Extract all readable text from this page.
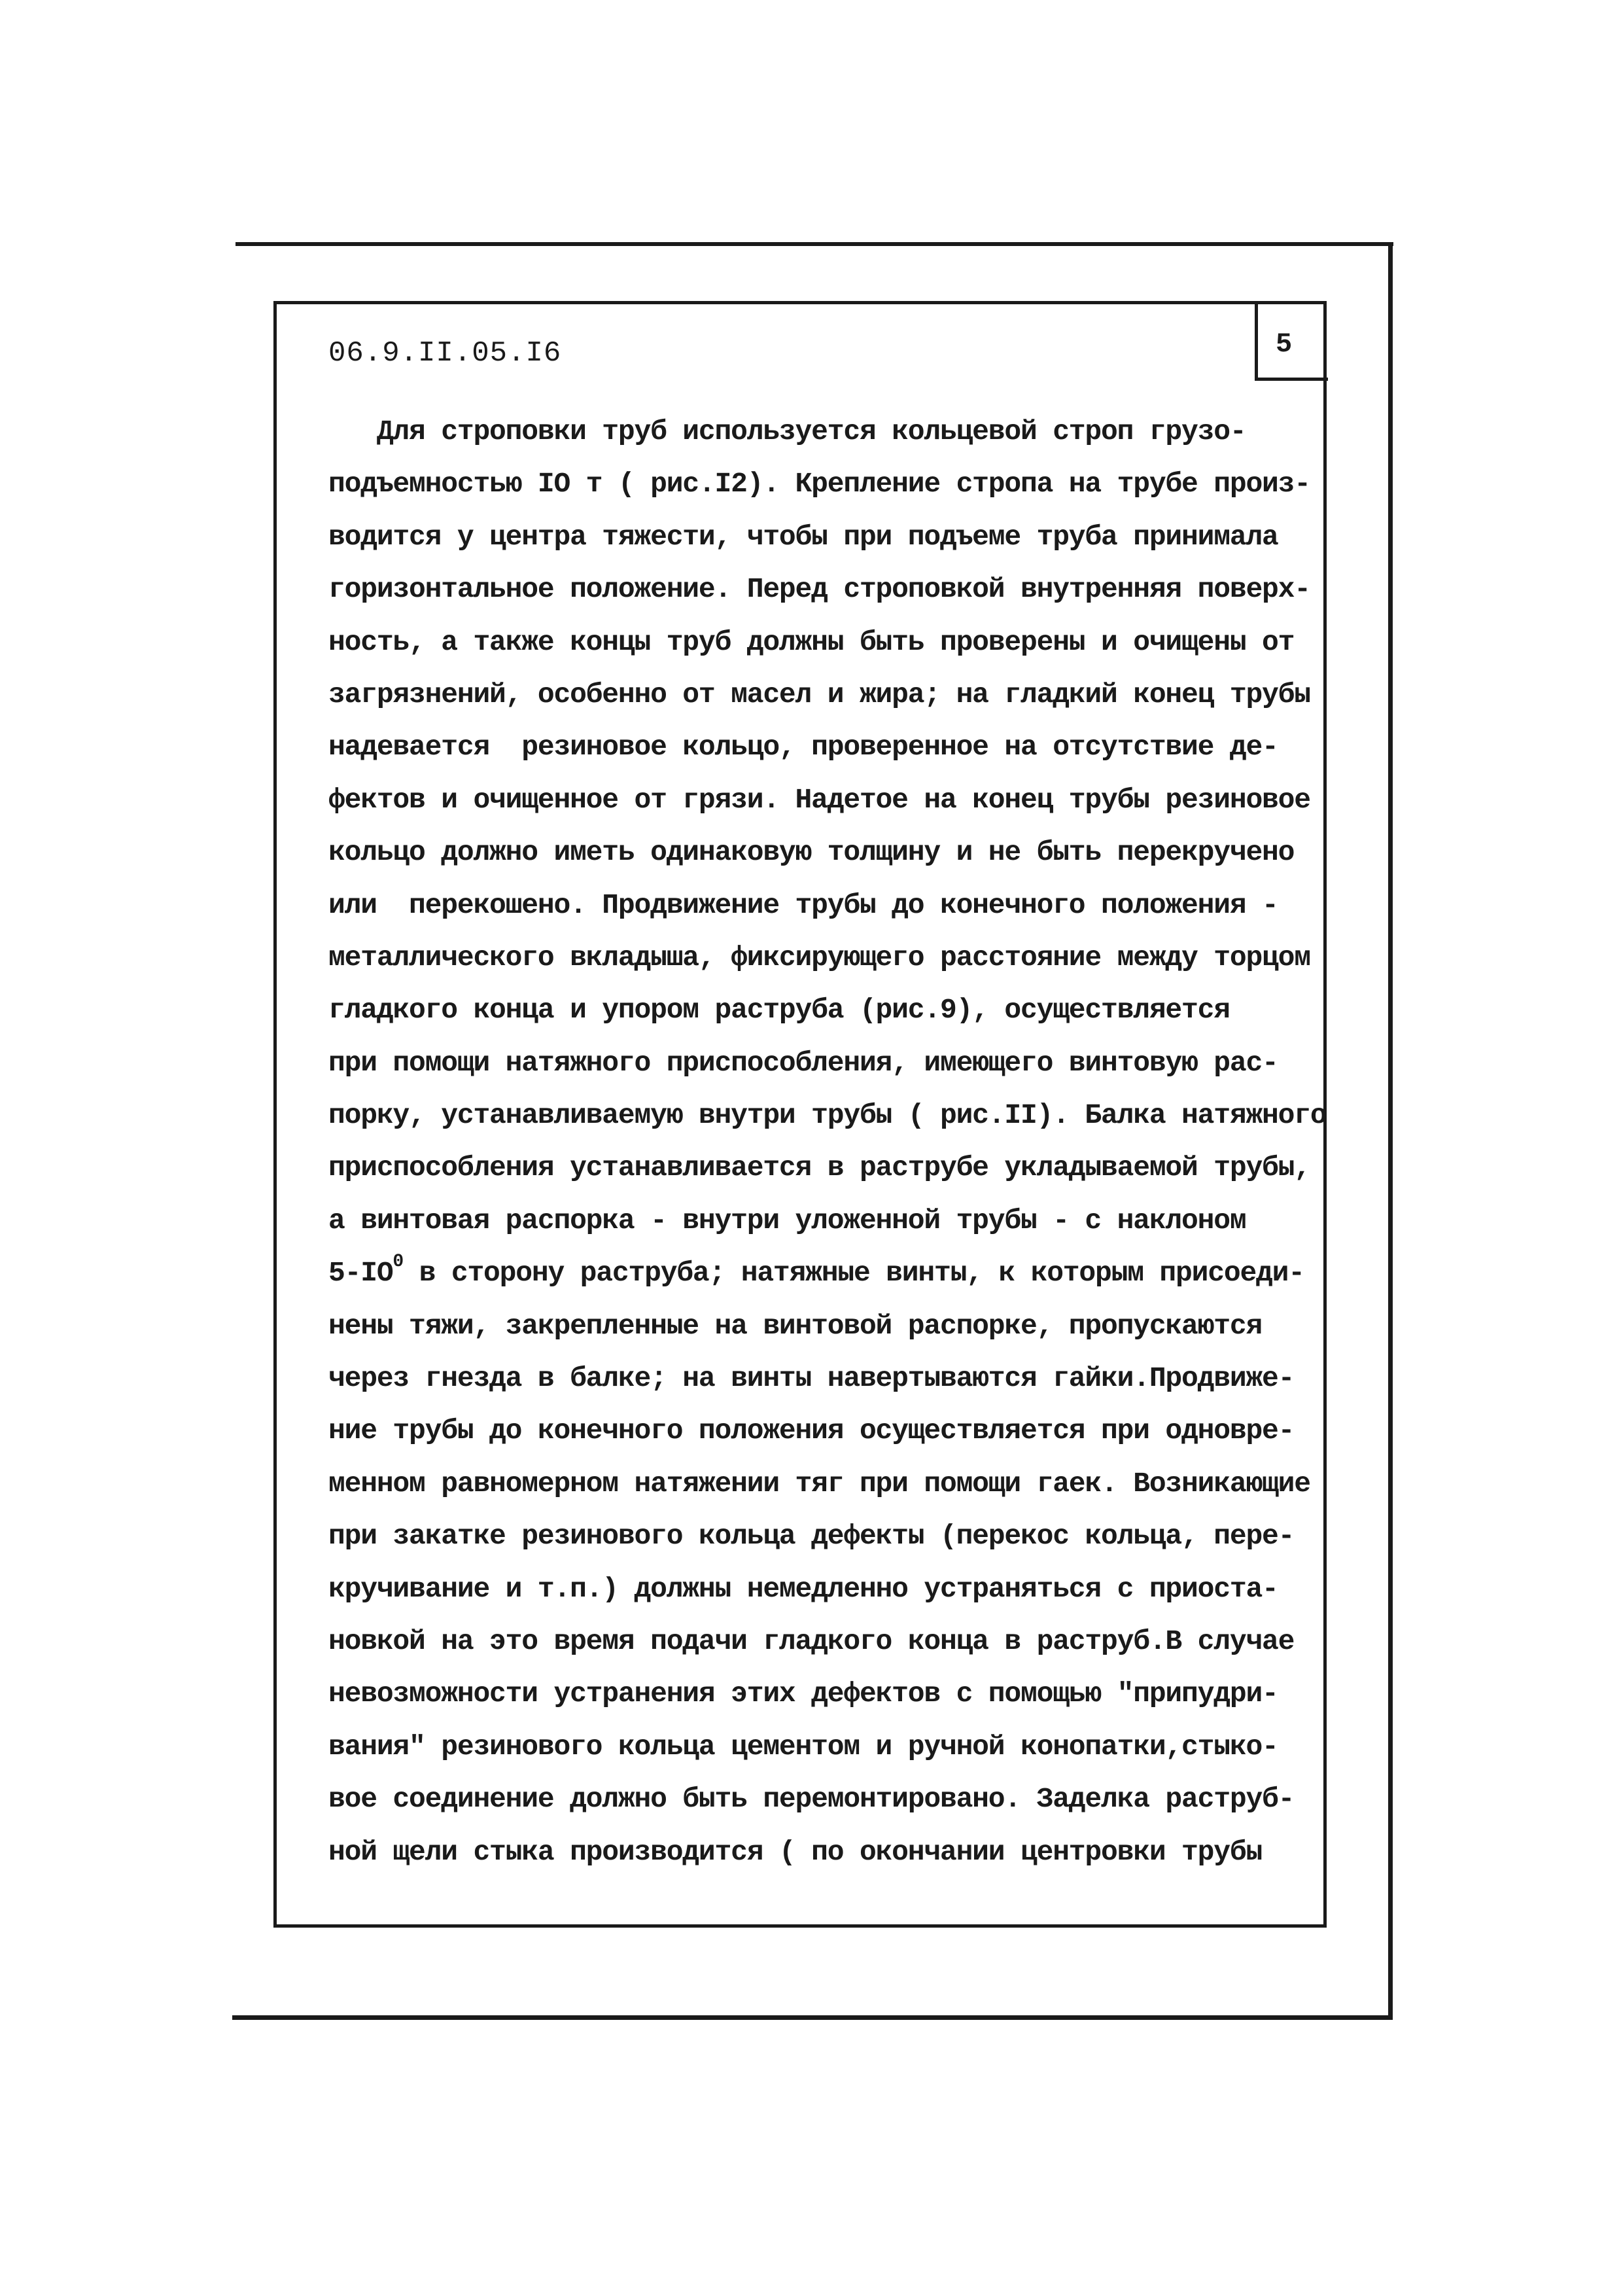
5
06.9.II.05.I6
Для строповки труб используется кольцевой строп грузо-
подъемностью IO т ( рис.I2). Крепление стропа на трубе произ-
водится у центра тяжести, чтобы при подъеме труба принимала
горизонтальное положение. Перед строповкой внутренняя поверх-
ность, а также концы труб должны быть проверены и очищены от
загрязнений, особенно от масел и жира; на гладкий конец трубы
надевается  резиновое кольцо, проверенное на отсутствие де-
фектов и очищенное от грязи. Надетое на конец трубы резиновое
кольцо должно иметь одинаковую толщину и не быть перекручено
или  перекошено. Продвижение трубы до конечного положения -
металлического вкладыша, фиксирующего расстояние между торцом
гладкого конца и упором раструба (рис.9), осуществляется
при помощи натяжного приспособления, имеющего винтовую рас-
порку, устанавливаемую внутри трубы ( рис.II). Балка натяжного
приспособления устанавливается в раструбе укладываемой трубы,
а винтовая распорка - внутри уложенной трубы - с наклоном
$5-IO^0$ в сторону раструба; натяжные винты, к которым присоеди-
нены тяжи, закрепленные на винтовой распорке, пропускаются
через гнезда в балке; на винты навертываются гайки.Продвиже-
ние трубы до конечного положения осуществляется при одновре-
менном равномерном натяжении тяг при помощи гаек. Возникающие
при закатке резинового кольца дефекты (перекос кольца, пере-
кручивание и т.п.) должны немедленно устраняться с приоста-
новкой на это время подачи гладкого конца в раструб.В случае
невозможности устранения этих дефектов с помощью "припудри-
вания" резинового кольца цементом и ручной конопатки,стыко-
вое соединение должно быть перемонтировано. Заделка раструб-
ной щели стыка производится ( по окончании центровки трубы
